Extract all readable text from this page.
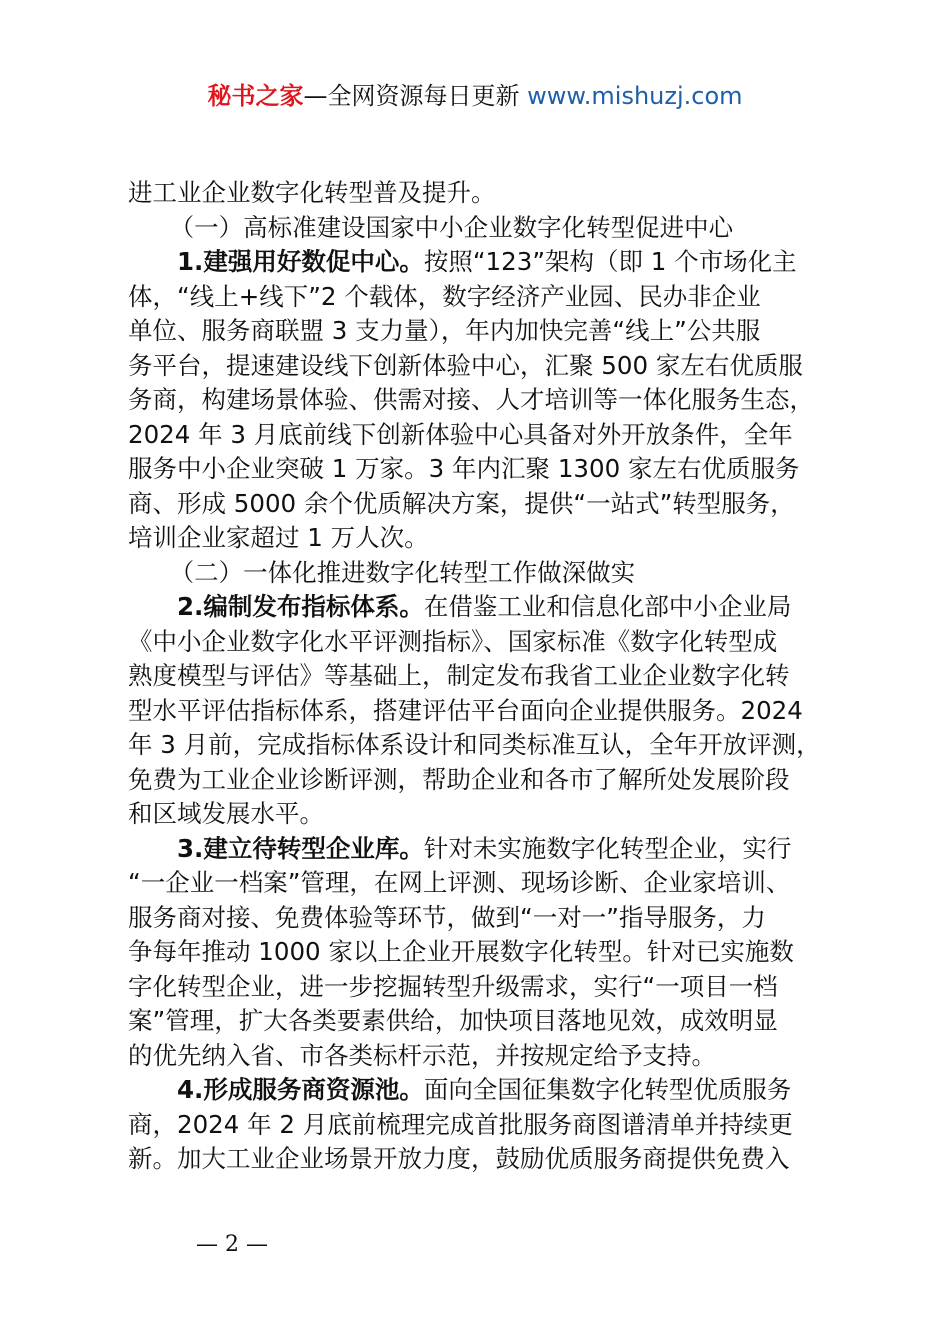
秘书之家—全网资源每日更新 www.mishuzj.com
进工业企业数字化转型普及提升。
（一）高标准建设国家中小企业数字化转型促进中心
1.建强用好数促中心。按照“123”架构（即 1 个市场化主
体，“线上+线下”2 个载体，数字经济产业园、民办非企业
单位、服务商联盟 3 支力量），年内加快完善“线上”公共服
务平台，提速建设线下创新体验中心，汇聚 500 家左右优质服
务商，构建场景体验、供需对接、人才培训等一体化服务生态，
2024 年 3 月底前线下创新体验中心具备对外开放条件，全年
服务中小企业突破 1 万家。3 年内汇聚 1300 家左右优质服务
商、形成 5000 余个优质解决方案，提供“一站式”转型服务，
培训企业家超过 1 万人次。
（二）一体化推进数字化转型工作做深做实
2.编制发布指标体系。在借鉴工业和信息化部中小企业局
《中小企业数字化水平评测指标》、国家标准《数字化转型成
熟度模型与评估》等基础上，制定发布我省工业企业数字化转
型水平评估指标体系，搭建评估平台面向企业提供服务。2024
年 3 月前，完成指标体系设计和同类标准互认，全年开放评测，
免费为工业企业诊断评测，帮助企业和各市了解所处发展阶段
和区域发展水平。
3.建立待转型企业库。针对未实施数字化转型企业，实行
“一企业一档案”管理，在网上评测、现场诊断、企业家培训、
服务商对接、免费体验等环节，做到“一对一”指导服务，力
争每年推动 1000 家以上企业开展数字化转型。针对已实施数
字化转型企业，进一步挖掘转型升级需求，实行“一项目一档
案”管理，扩大各类要素供给，加快项目落地见效，成效明显
的优先纳入省、市各类标杆示范，并按规定给予支持。
4.形成服务商资源池。面向全国征集数字化转型优质服务
商，2024 年 2 月底前梳理完成首批服务商图谱清单并持续更
新。加大工业企业场景开放力度，鼓励优质服务商提供免费入
— 2 —
